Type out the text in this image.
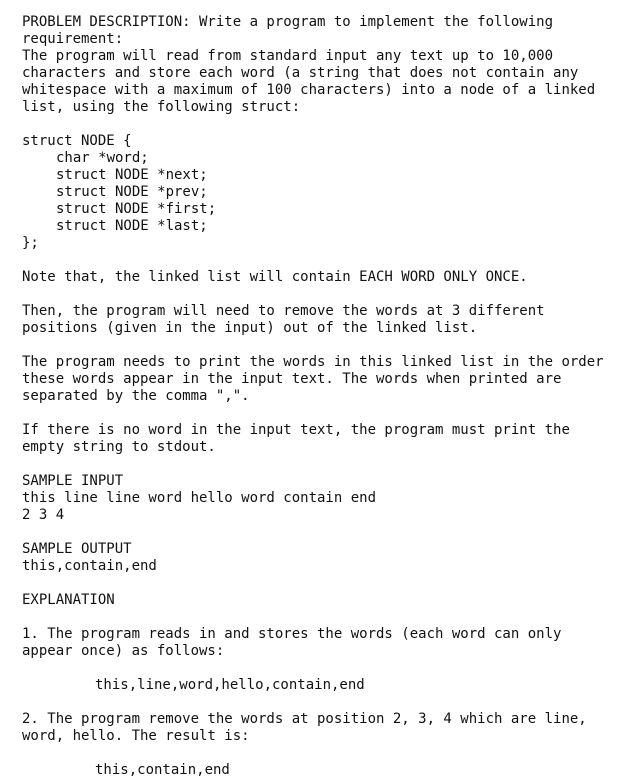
PROBLEM DESCRIPTION: Write a program to implement the following
requirement:
The program will read from standard input any text up to 10,000
characters and store each word (a string that does not contain any
whitespace with a maximum of 100 characters) into a node of a linked
list, using the following struct:
struct NODE {
char *word;
struct NODE *next;
struct NODE *prev;
struct NODE *first;
struct NODE *last;
};
Note that, the linked list will contain EACH WORD ONLY ONCE.
Then, the program will need to remove the words at 3 different
positions (given in the input) out of the linked list.
The program needs to print the words in this linked list in the order
these words appear in the input text. The words when printed are
separated by the comma ",".
If there is no word in the input text, the program must print the
empty string to stdout.
SAMPLE INPUT
this line line word hello word contain end
2 3 4
SAMPLE OUTPUT
this,contain,end
EXPLANATION
1. The program reads in and stores the words (each word can only
appear once) as follows:
this,line,word,hello,contain,end
2. The program remove the words at position 2, 3, 4 which are line,
word, hello. The result is:
this,contain,end
